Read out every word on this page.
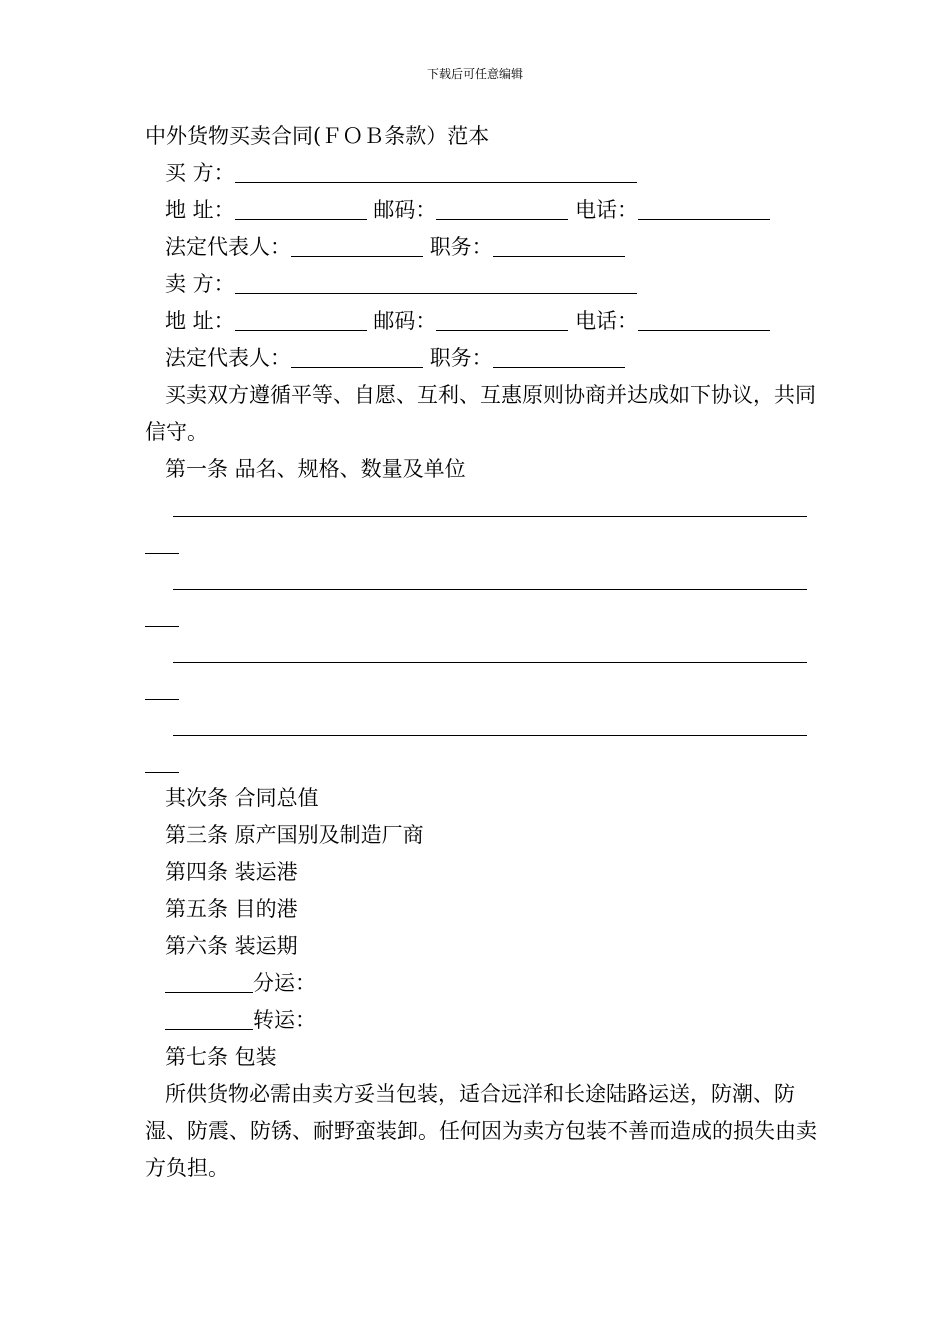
下载后可任意编辑
中外货物买卖合同(ＦＯＢ条款）范本
买 方：
地 址：	邮码：	电话：
法定代表人：	职务：
卖 方：
地 址：	邮码：	电话：
法定代表人：	职务：
买卖双方遵循平等、自愿、互利、互惠原则协商并达成如下协议，共同信守。
第一条 品名、规格、数量及单位
其次条 合同总值
第三条 原产国别及制造厂商
第四条 装运港
第五条 目的港
第六条 装运期
分运：
转运：
第七条 包装
所供货物必需由卖方妥当包装，适合远洋和长途陆路运送，防潮、防湿、防震、防锈、耐野蛮装卸。任何因为卖方包装不善而造成的损失由卖方负担。
